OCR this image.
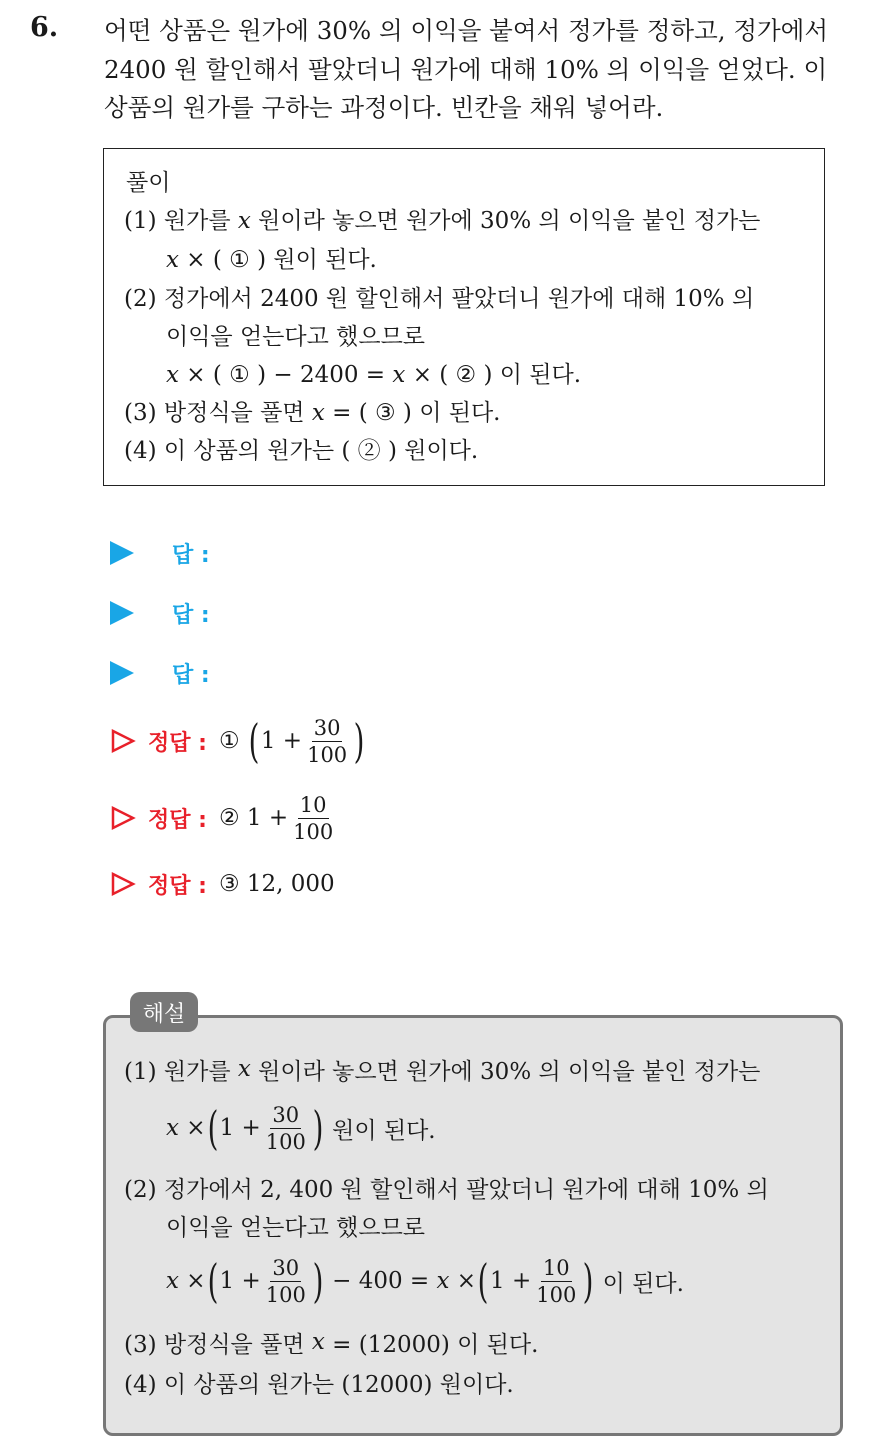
6. 어떤 상품은 원가에 30% 의 이익을 붙여서 정가를 정하고, 정가에서
2400 원 할인해서 팔았더니 원가에 대해 10% 의 이익을 얻었다. 이
상품의 원가를 구하는 과정이다. 빈칸을 채워 넣어라.
풀이
(1) 원가를 x 원이라 놓으면 원가에 30% 의 이익을 붙인 정가는
x × ( ① ) 원이 된다.
(2) 정가에서 2400 원 할인해서 팔았더니 원가에 대해 10% 의
이익을 얻는다고 했으므로
x × ( ① ) − 2400 = x × ( ② ) 이 된다.
(3) 방정식을 풀면 x = ( ③ ) 이 된다.
(4) 이 상품의 원가는 ( ② ) 원이다.
답 :
답 :
답 :
정답 : ①
( $1 + \frac{30}{100}$ )
정답 : ②
$1 + \frac{10}{100}$
정답 : ③
12, 000
해설
(1) 원가를
x
원이라 놓으면 원가에 30% 의 이익을 붙인 정가는
x
× ( $1 + \frac{30}{100}$ )
원이 된다.
(2) 정가에서 2, 400 원 할인해서 팔았더니 원가에 대해 10% 의
이익을 얻는다고 했으므로
x
× ( $1 + \frac{30}{100}$ )
− 400 =
x
× ( $1 + \frac{10}{100}$ )
이 된다.
(3) 방정식을 풀면
x
= (12000) 이 된다.
(4) 이 상품의 원가는 (12000) 원이다.
